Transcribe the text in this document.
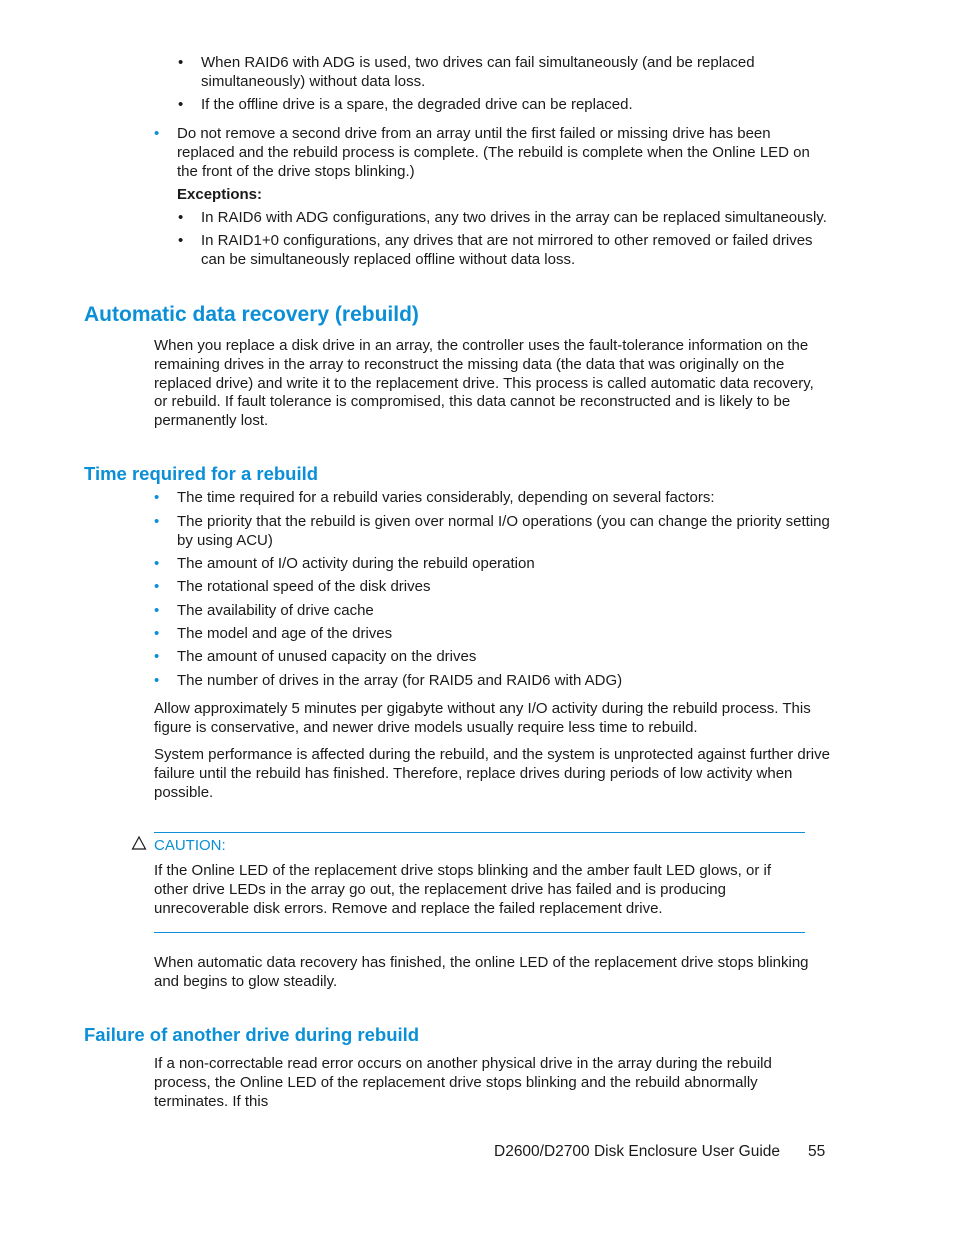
•	When RAID6 with ADG is used, two drives can fail simultaneously (and be replaced simultaneously) without data loss.

•	If the offline drive is a spare, the degraded drive can be replaced.

•	Do not remove a second drive from an array until the first failed or missing drive has been replaced and the rebuild process is complete. (The rebuild is complete when the Online LED on the front of the drive stops blinking.)

Exceptions:

•	In RAID6 with ADG configurations, any two drives in the array can be replaced simultaneously.

•	In RAID1+0 configurations, any drives that are not mirrored to other removed or failed drives can be simultaneously replaced offline without data loss.

Automatic data recovery (rebuild)

When you replace a disk drive in an array, the controller uses the fault-tolerance information on the remaining drives in the array to reconstruct the missing data (the data that was originally on the replaced drive) and write it to the replacement drive. This process is called automatic data recovery, or rebuild. If fault tolerance is compromised, this data cannot be reconstructed and is likely to be permanently lost.

Time required for a rebuild
•	The time required for a rebuild varies considerably, depending on several factors:

•	The priority that the rebuild is given over normal I/O operations (you can change the priority setting by using ACU)

•	The amount of I/O activity during the rebuild operation

•	The rotational speed of the disk drives

•	The availability of drive cache

•	The model and age of the drives

•	The amount of unused capacity on the drives

•	The number of drives in the array (for RAID5 and RAID6 with ADG)

Allow approximately 5 minutes per gigabyte without any I/O activity during the rebuild process. This figure is conservative, and newer drive models usually require less time to rebuild.

System performance is affected during the rebuild, and the system is unprotected against further drive failure until the rebuild has finished. Therefore, replace drives during periods of low activity when possible.

CAUTION:

If the Online LED of the replacement drive stops blinking and the amber fault LED glows, or if other drive LEDs in the array go out, the replacement drive has failed and is producing unrecoverable disk errors. Remove and replace the failed replacement drive.

When automatic data recovery has finished, the online LED of the replacement drive stops blinking and begins to glow steadily.

Failure of another drive during rebuild

If a non-correctable read error occurs on another physical drive in the array during the rebuild process, the Online LED of the replacement drive stops blinking and the rebuild abnormally terminates. If this

D2600/D2700 Disk Enclosure User Guide 55
